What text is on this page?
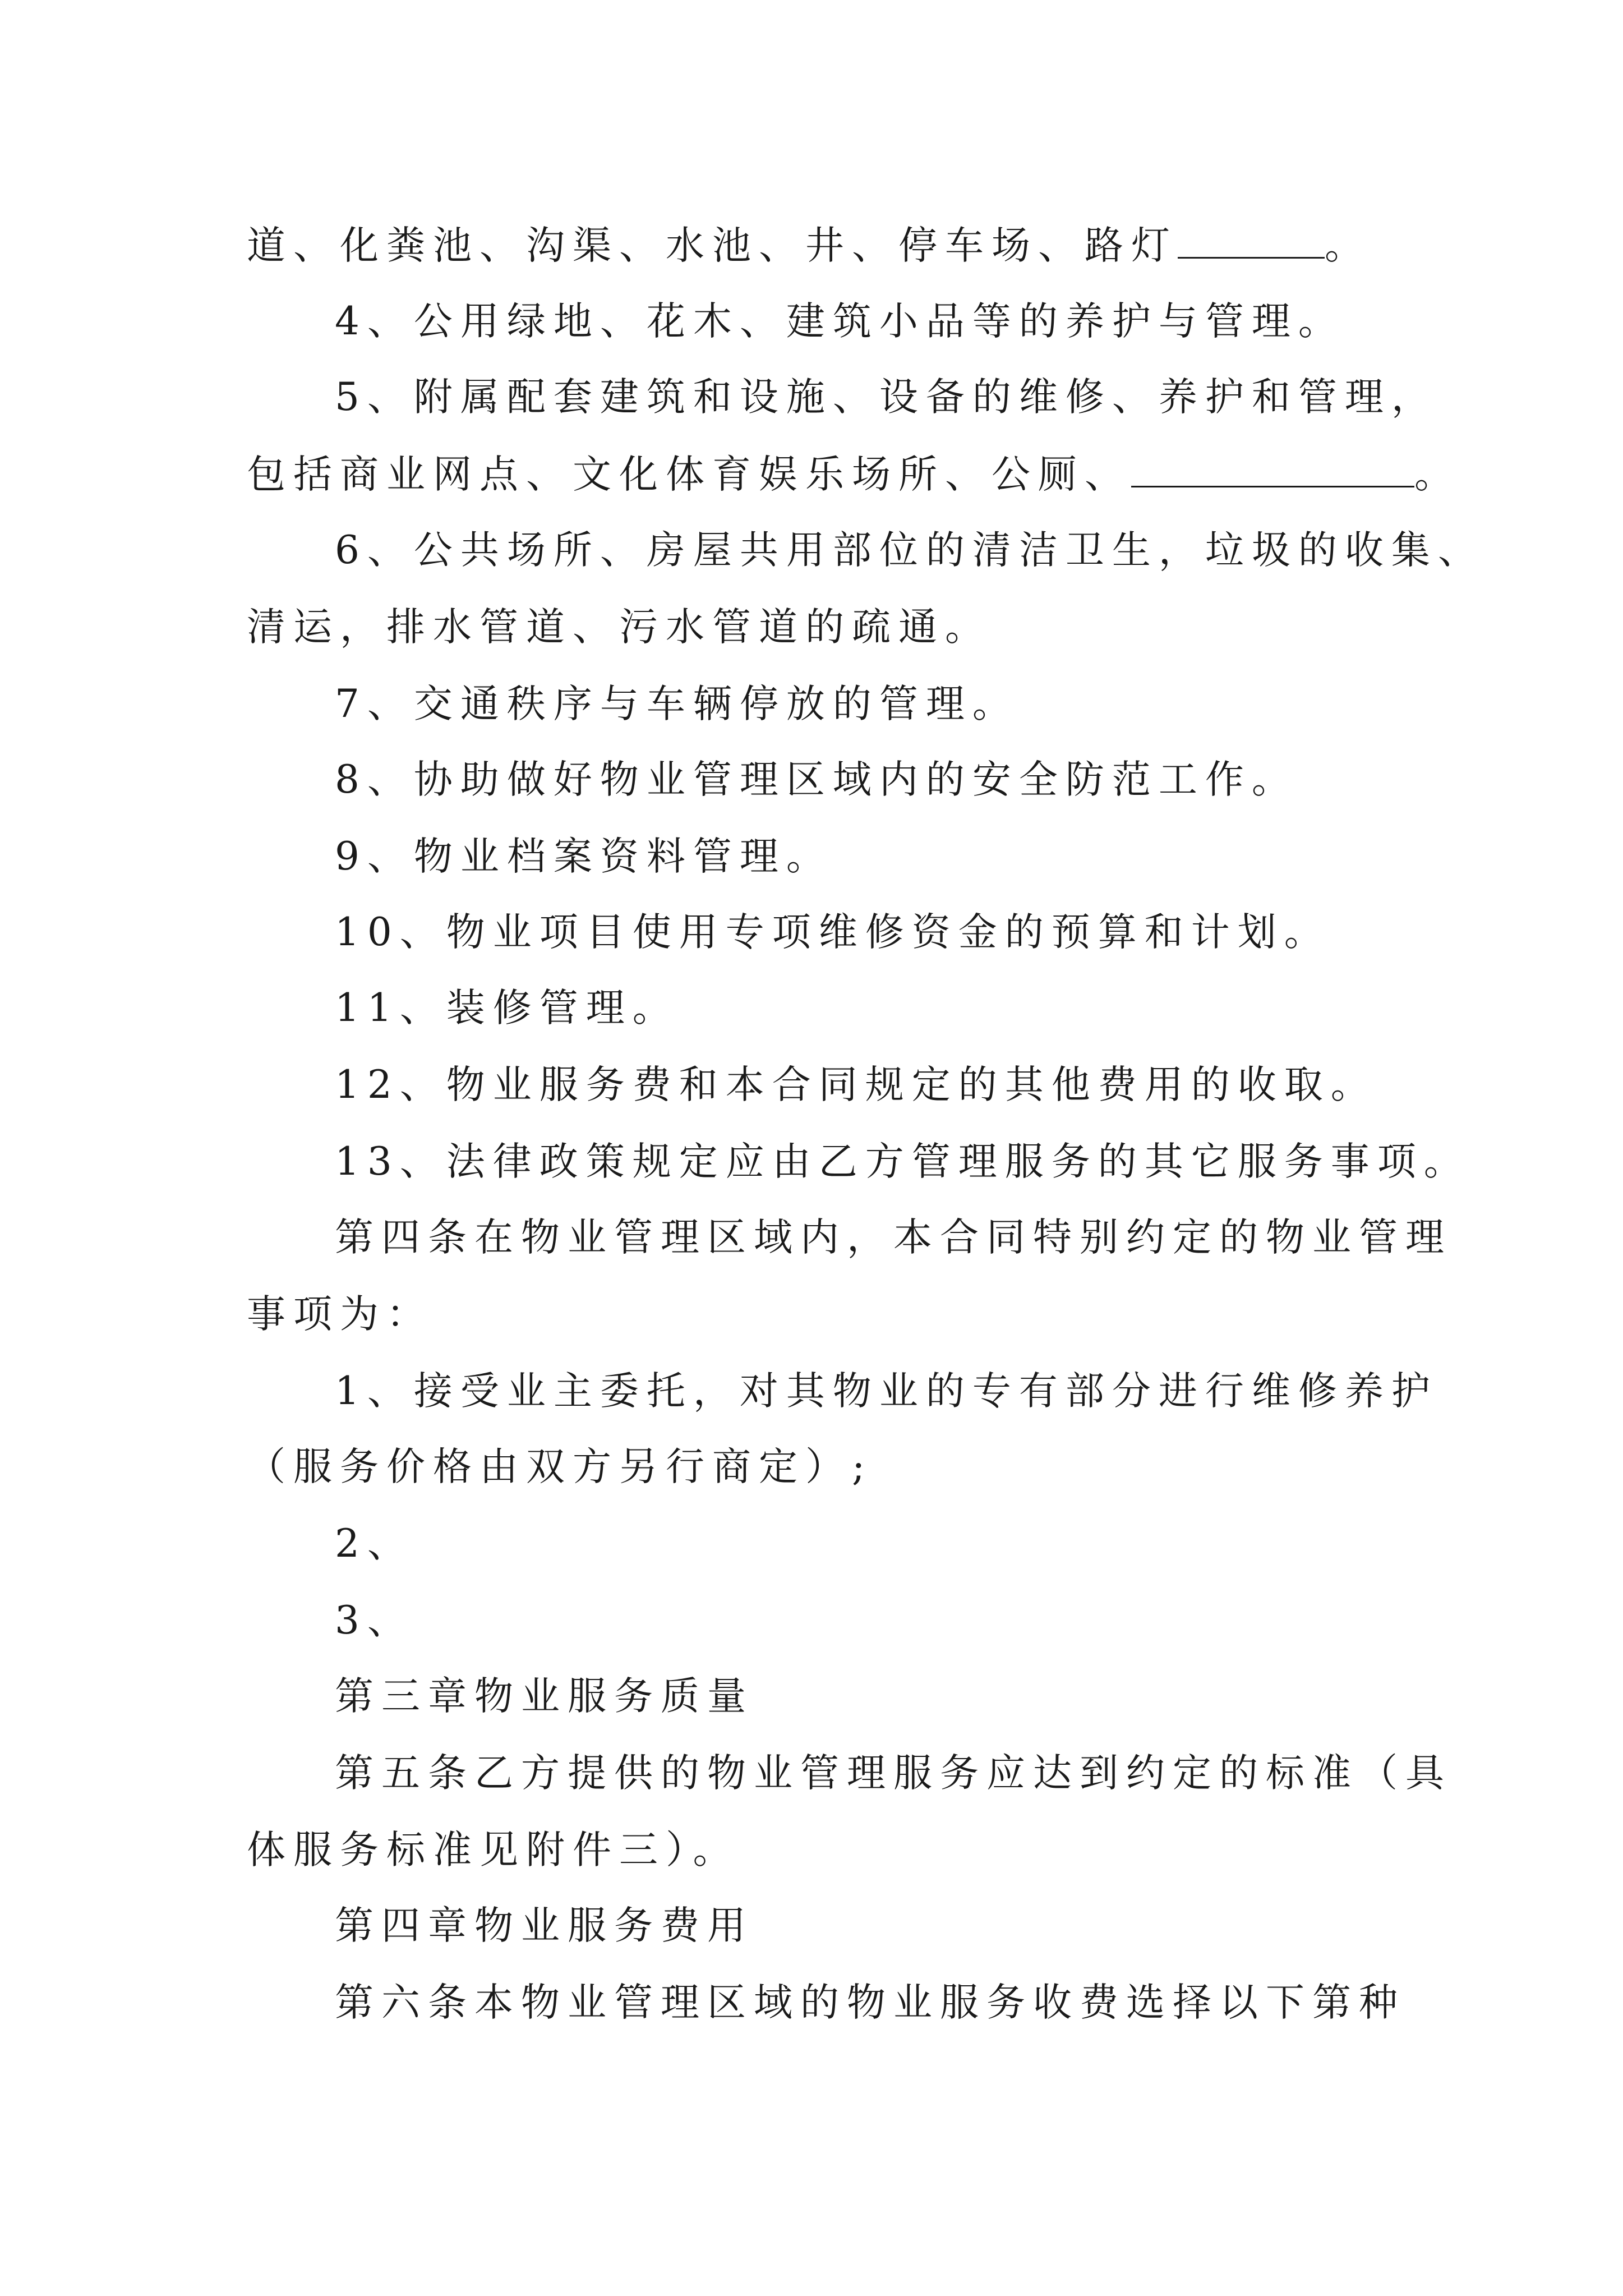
道、化粪池、沟渠、水池、井、停车场、路灯	。
4、公用绿地、花木、建筑小品等的养护与管理。
5、附属配套建筑和设施、设备的维修、养护和管理，
包括商业网点、文化体育娱乐场所、公厕、	。
6、公共场所、房屋共用部位的清洁卫生，垃圾的收集、
清运，排水管道、污水管道的疏通。
7、交通秩序与车辆停放的管理。
8、协助做好物业管理区域内的安全防范工作。
9、物业档案资料管理。
10、物业项目使用专项维修资金的预算和计划。
11、装修管理。
12、物业服务费和本合同规定的其他费用的收取。
13、法律政策规定应由乙方管理服务的其它服务事项。
第四条在物业管理区域内，本合同特别约定的物业管理
事项为：
1、接受业主委托，对其物业的专有部分进行维修养护
（服务价格由双方另行商定）;
2、
3、
第三章物业服务质量
第五条乙方提供的物业管理服务应达到约定的标准（具
体服务标准见附件三）。
第四章物业服务费用
第六条本物业管理区域的物业服务收费选择以下第种
